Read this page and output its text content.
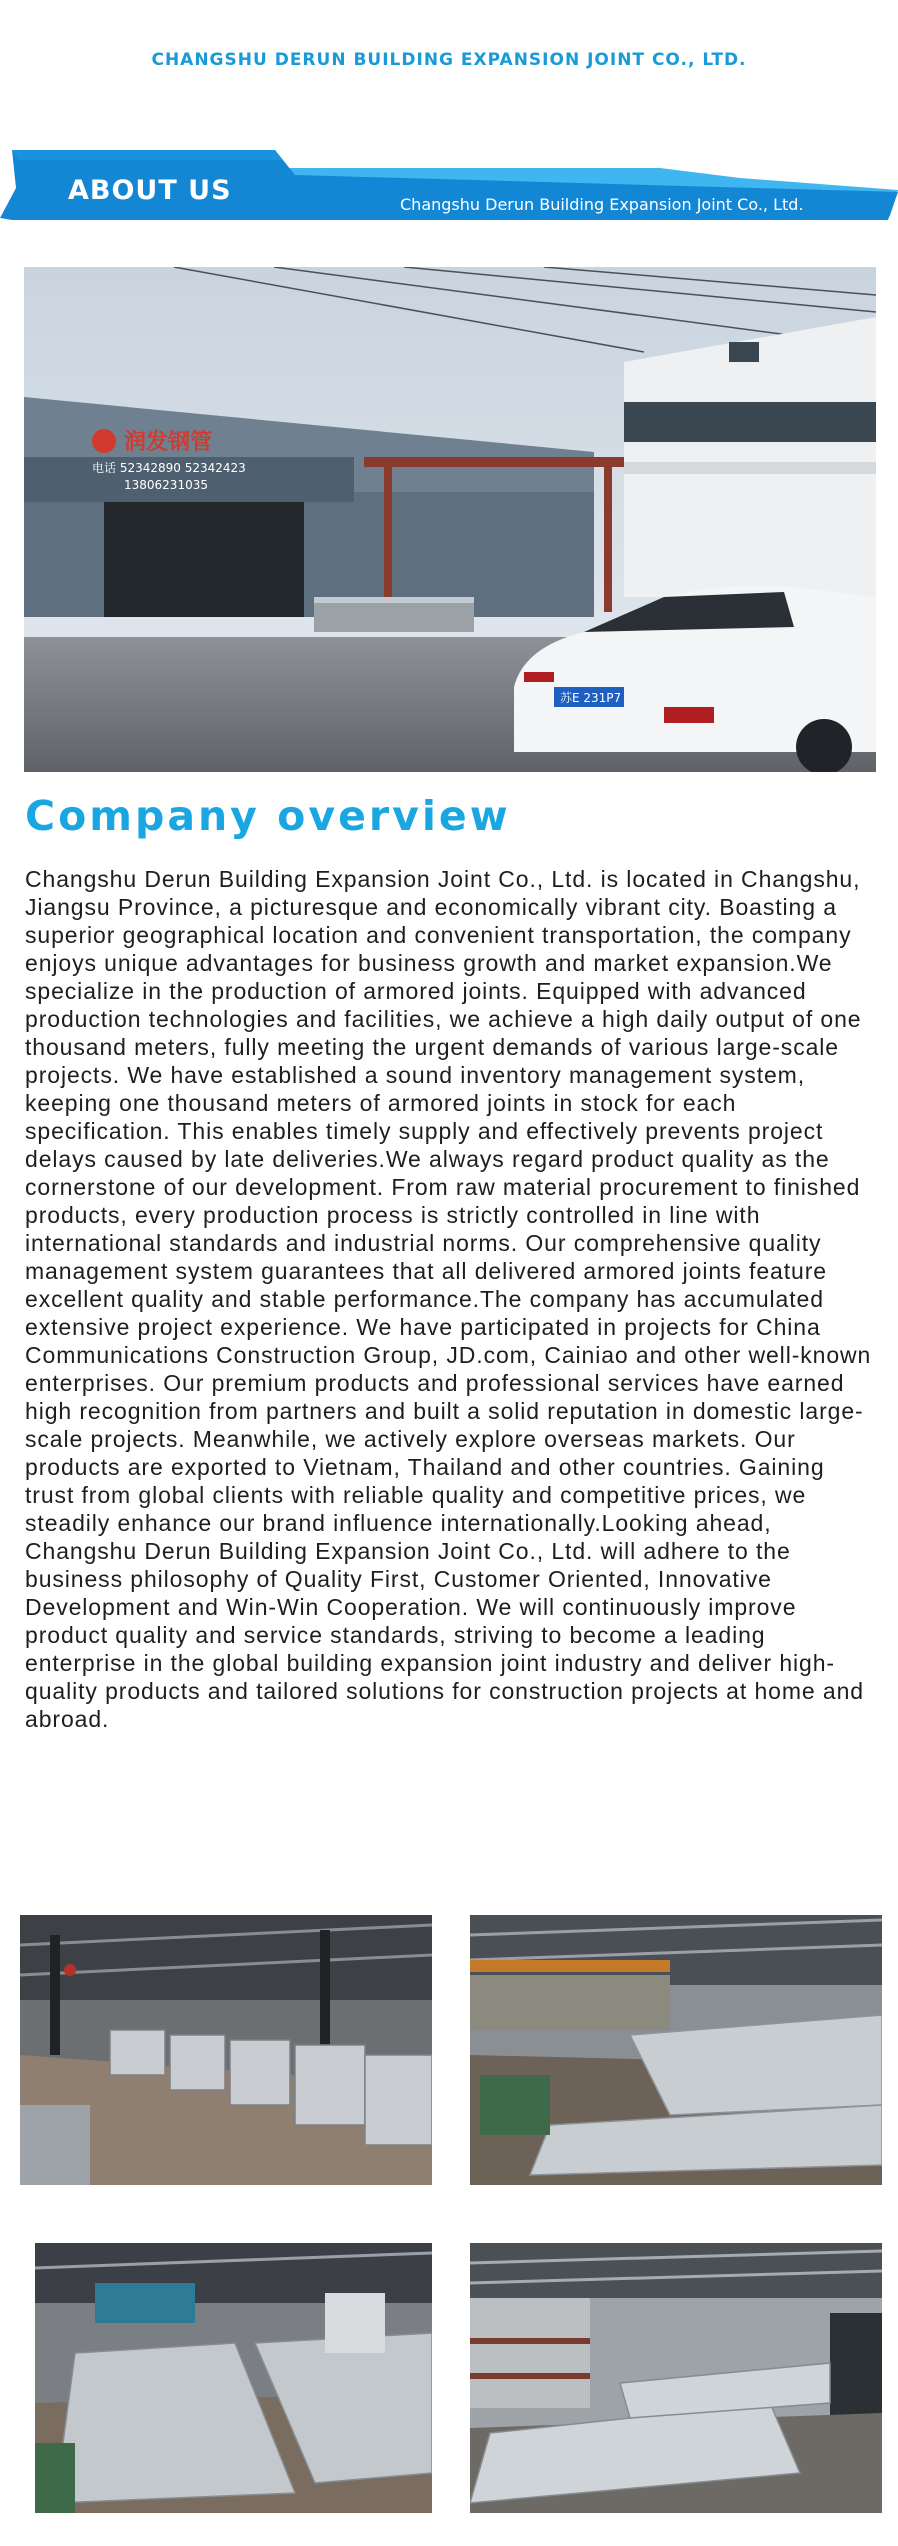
CHANGSHU DERUN BUILDING EXPANSION JOINT CO., LTD.
ABOUT US	Changshu Derun Building Expansion Joint Co., Ltd.
润发钢管
电话 52342890 52342423
13806231035
苏E 231P7
Company overview
Changshu Derun Building Expansion Joint Co., Ltd. is located in Changshu, Jiangsu Province, a picturesque and economically vibrant city. Boasting a superior geographical location and convenient transportation, the company enjoys unique advantages for business growth and market expansion.We specialize in the production of armored joints. Equipped with advanced production technologies and facilities, we achieve a high daily output of one thousand meters, fully meeting the urgent demands of various large-scale projects. We have established a sound inventory management system, keeping one thousand meters of armored joints in stock for each specification. This enables timely supply and effectively prevents project delays caused by late deliveries.We always regard product quality as the cornerstone of our development. From raw material procurement to finished products, every production process is strictly controlled in line with international standards and industrial norms. Our comprehensive quality management system guarantees that all delivered armored joints feature excellent quality and stable performance.The company has accumulated extensive project experience. We have participated in projects for China Communications Construction Group, JD.com, Cainiao and other well-known enterprises. Our premium products and professional services have earned high recognition from partners and built a solid reputation in domestic large-scale projects. Meanwhile, we actively explore overseas markets. Our products are exported to Vietnam, Thailand and other countries. Gaining trust from global clients with reliable quality and competitive prices, we steadily enhance our brand influence internationally.Looking ahead, Changshu Derun Building Expansion Joint Co., Ltd. will adhere to the business philosophy of Quality First, Customer Oriented, Innovative Development and Win-Win Cooperation. We will continuously improve product quality and service standards, striving to become a leading enterprise in the global building expansion joint industry and deliver high-quality products and tailored solutions for construction projects at home and abroad.
